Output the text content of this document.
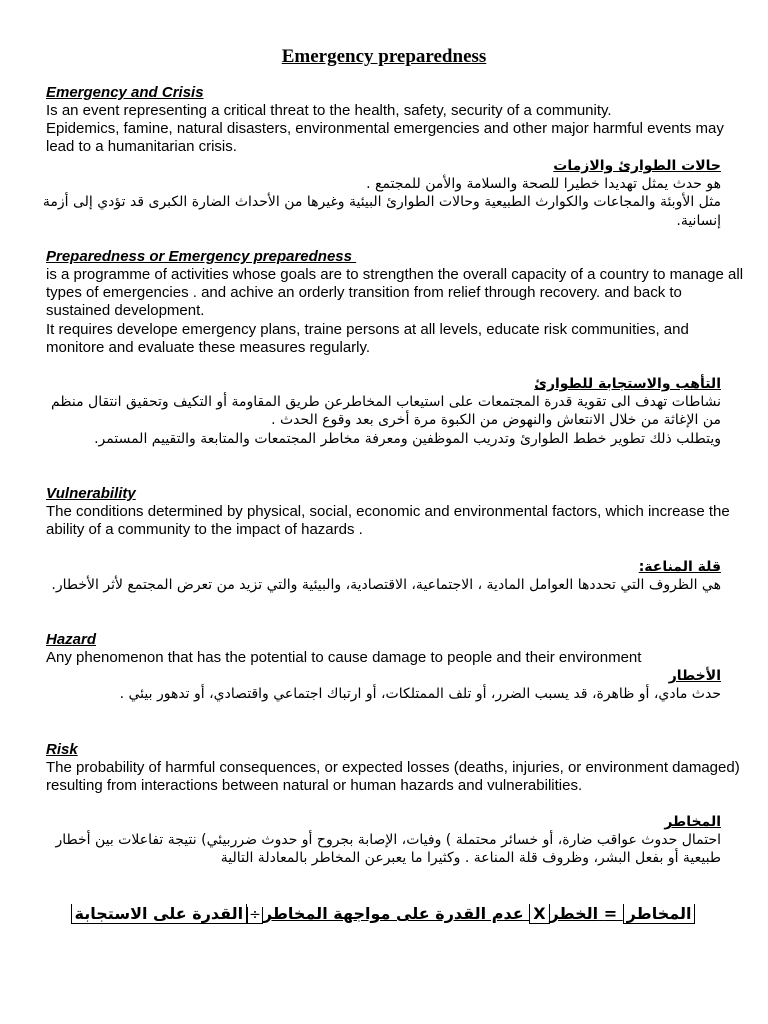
Emergency preparedness
Emergency and Crisis
Is an event representing a critical threat to the health, safety, security of a community.
Epidemics, famine, natural disasters, environmental emergencies and other major harmful events may lead to a humanitarian crisis.
حالات الطوارئ والازمات
هو حدث يمثل تهديدا خطيرا للصحة والسلامة والأمن للمجتمع .
مثل الأوبئة والمجاعات والكوارث الطبيعية وحالات الطوارئ البيئية وغيرها من الأحداث الضارة الكبرى قد تؤدي إلى أزمة إنسانية.
Preparedness or Emergency preparedness
is a programme of activities whose goals are to strengthen the overall capacity of a country to manage all types of emergencies . and achive an orderly transition from relief through recovery. and back to sustained development.
It requires develope emergency plans, traine persons at all levels, educate risk communities, and monitore and evaluate these measures regularly.
التأهب والاستجابة للطوارئ
نشاطات تهدف الى تقوية قدرة المجتمعات على استيعاب المخاطرعن طريق المقاومة أو التكيف وتحقيق انتقال منظم من الإغاثة من خلال الانتعاش والنهوض من الكبوة مرة أخرى بعد وقوع الحدث .
ويتطلب ذلك تطوير خطط الطوارئ وتدريب الموظفين ومعرفة مخاطر المجتمعات والمتابعة والتقييم المستمر.
Vulnerability
The conditions determined by physical, social, economic and environmental factors, which increase the ability of a community to the impact of hazards .
قلة المناعة:
هي الظروف التي تحددها العوامل المادية ، الاجتماعية، الاقتصادية، والبيئية والتي تزيد من تعرض المجتمع لأثر الأخطار.
Hazard
Any phenomenon that has the potential to cause damage to people and their environment
الأخطار
حدث مادي، أو ظاهرة، قد يسبب الضرر، أو تلف الممتلكات، أو ارتباك اجتماعي واقتصادي، أو تدهور بيئي .
Risk
The probability of harmful consequences, or expected losses (deaths, injuries, or environment damaged) resulting from interactions between natural or human hazards and vulnerabilities.
المخاطر
احتمال حدوث عواقب ضارة، أو خسائر محتملة ) وفيات، الإصابة بجروح أو حدوث ضرربيئي) نتيجة تفاعلات بين أخطار طبيعية أو بفعل البشر، وظروف قلة المناعة . وكثيرا ما يعبرعن المخاطر بالمعادلة التالية
المخاطر = الخطرX عدم القدرة على مواجهة المخاطر÷القدرة على الاستجابة
